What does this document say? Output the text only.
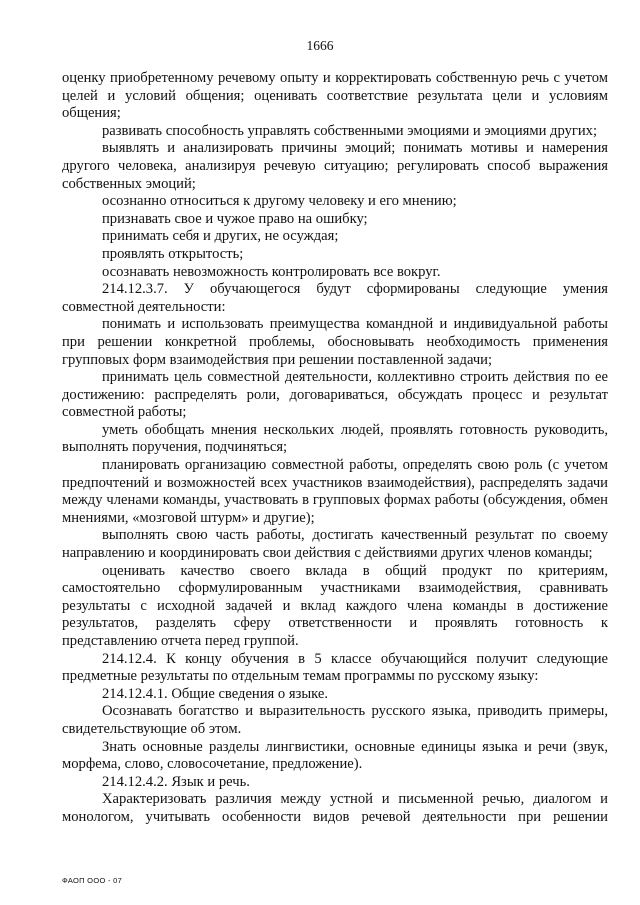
1666

оценку приобретенному речевому опыту и корректировать собственную речь с учетом целей и условий общения; оценивать соответствие результата цели и условиям общения;

развивать способность управлять собственными эмоциями и эмоциями других;

выявлять и анализировать причины эмоций; понимать мотивы и намерения другого человека, анализируя речевую ситуацию; регулировать способ выражения собственных эмоций;

осознанно относиться к другому человеку и его мнению;

признавать свое и чужое право на ошибку;

принимать себя и других, не осуждая;

проявлять открытость;

осознавать невозможность контролировать все вокруг.

214.12.3.7. У обучающегося будут сформированы следующие умения совместной деятельности:

понимать и использовать преимущества командной и индивидуальной работы при решении конкретной проблемы, обосновывать необходимость применения групповых форм взаимодействия при решении поставленной задачи;

принимать цель совместной деятельности, коллективно строить действия по ее достижению: распределять роли, договариваться, обсуждать процесс и результат совместной работы;

уметь обобщать мнения нескольких людей, проявлять готовность руководить, выполнять поручения, подчиняться;

планировать организацию совместной работы, определять свою роль (с учетом предпочтений и возможностей всех участников взаимодействия), распределять задачи между членами команды, участвовать в групповых формах работы (обсуждения, обмен мнениями, «мозговой штурм» и другие);

выполнять свою часть работы, достигать качественный результат по своему направлению и координировать свои действия с действиями других членов команды;

оценивать качество своего вклада в общий продукт по критериям, самостоятельно сформулированным участниками взаимодействия, сравнивать результаты с исходной задачей и вклад каждого члена команды в достижение результатов, разделять сферу ответственности и проявлять готовность к представлению отчета перед группой.

214.12.4. К концу обучения в 5 классе обучающийся получит следующие предметные результаты по отдельным темам программы по русскому языку:

214.12.4.1. Общие сведения о языке.

Осознавать богатство и выразительность русского языка, приводить примеры, свидетельствующие об этом.

Знать основные разделы лингвистики, основные единицы языка и речи (звук, морфема, слово, словосочетание, предложение).

214.12.4.2. Язык и речь.

Характеризовать различия между устной и письменной речью, диалогом и монологом, учитывать особенности видов речевой деятельности при решении

ФАОП ООО - 07
